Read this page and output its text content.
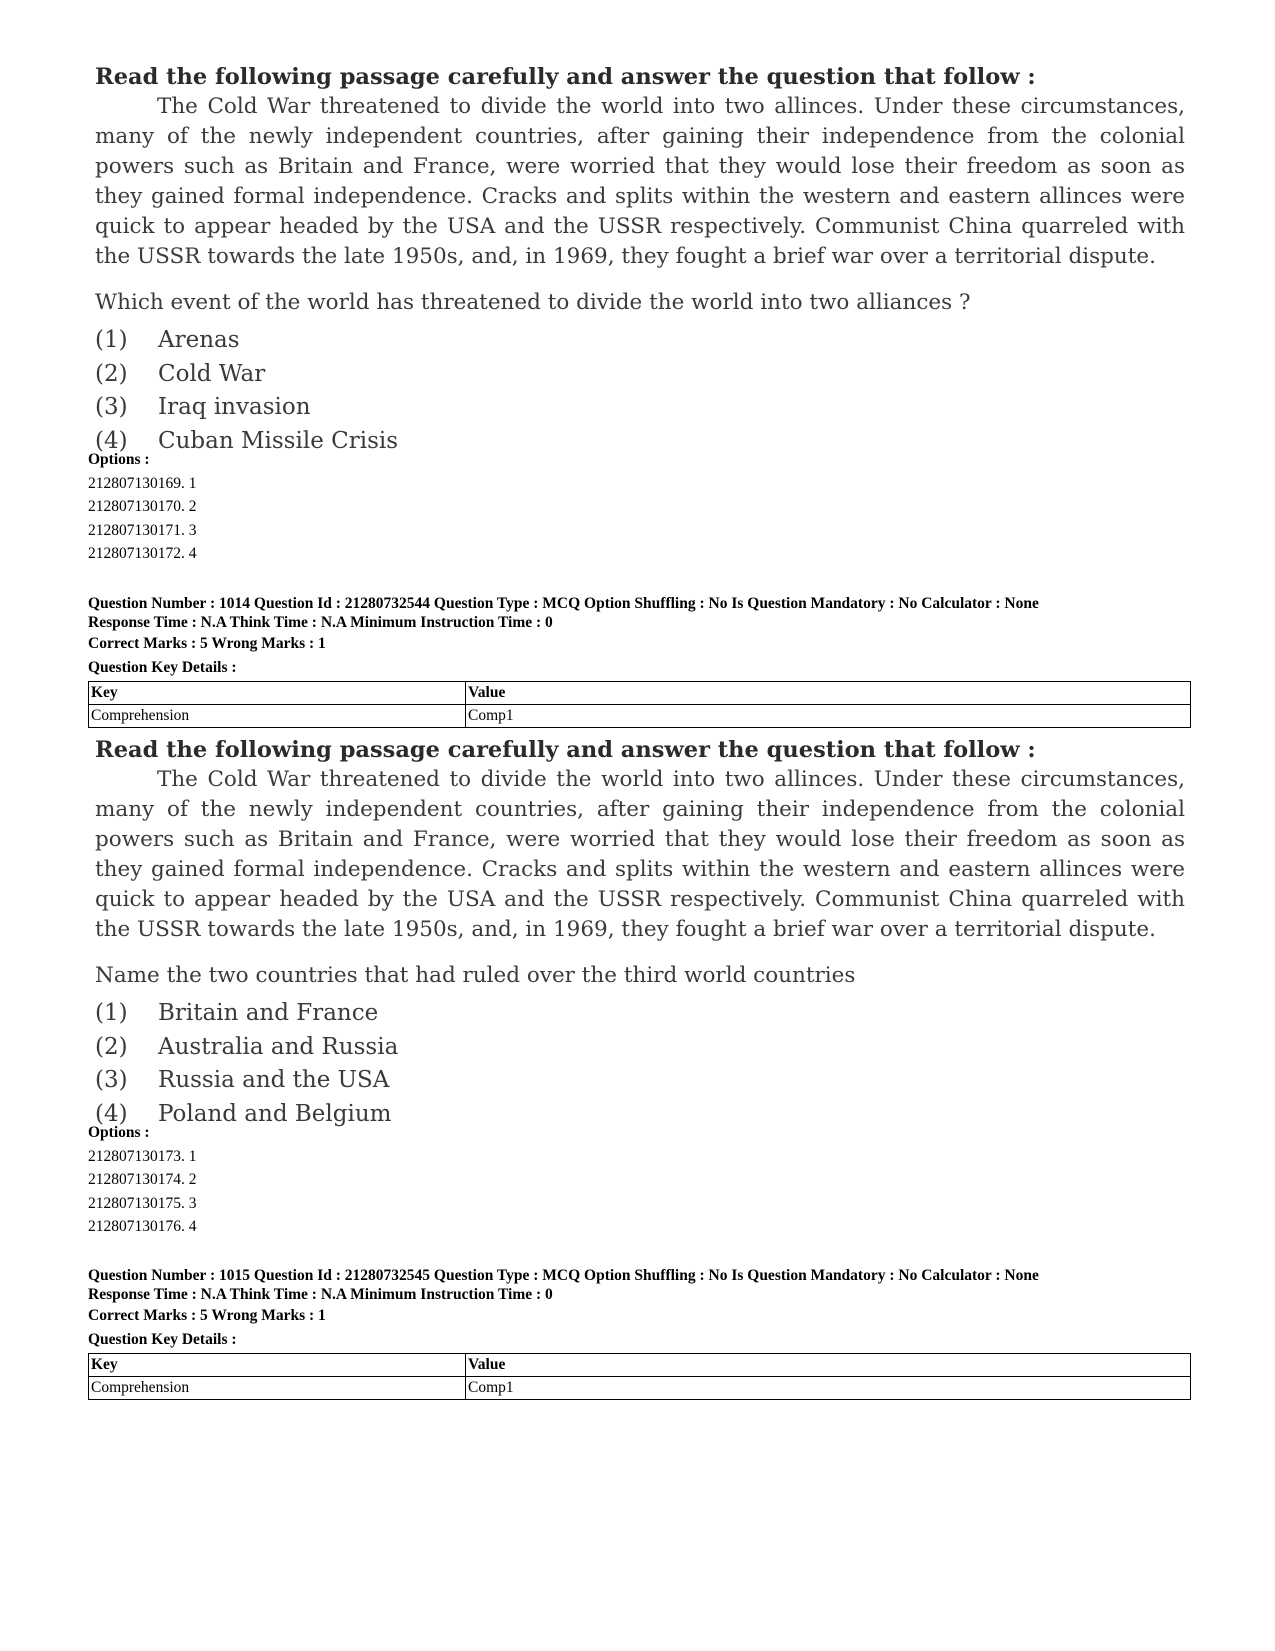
Read the following passage carefully and answer the question that follow :

The Cold War threatened to divide the world into two allinces. Under these circumstances, many of the newly independent countries, after gaining their independence from the colonial powers such as Britain and France, were worried that they would lose their freedom as soon as they gained formal independence. Cracks and splits within the western and eastern allinces were quick to appear headed by the USA and the USSR respectively. Communist China quarreled with the USSR towards the late 1950s, and, in 1969, they fought a brief war over a territorial dispute.

Which event of the world has threatened to divide the world into two alliances ?

(1) Arenas
(2) Cold War
(3) Iraq invasion
(4) Cuban Missile Crisis
Options :
212807130169. 1
212807130170. 2
212807130171. 3
212807130172. 4
Question Number : 1014 Question Id : 21280732544 Question Type : MCQ Option Shuffling : No Is Question Mandatory : No Calculator : None
Response Time : N.A Think Time : N.A Minimum Instruction Time : 0
Correct Marks : 5 Wrong Marks : 1
Question Key Details :
Key	Value
Comprehension	Comp1

Read the following passage carefully and answer the question that follow :

The Cold War threatened to divide the world into two allinces. Under these circumstances, many of the newly independent countries, after gaining their independence from the colonial powers such as Britain and France, were worried that they would lose their freedom as soon as they gained formal independence. Cracks and splits within the western and eastern allinces were quick to appear headed by the USA and the USSR respectively. Communist China quarreled with the USSR towards the late 1950s, and, in 1969, they fought a brief war over a territorial dispute.

Name the two countries that had ruled over the third world countries

(1) Britain and France
(2) Australia and Russia
(3) Russia and the USA
(4) Poland and Belgium
Options :
212807130173. 1
212807130174. 2
212807130175. 3
212807130176. 4
Question Number : 1015 Question Id : 21280732545 Question Type : MCQ Option Shuffling : No Is Question Mandatory : No Calculator : None
Response Time : N.A Think Time : N.A Minimum Instruction Time : 0
Correct Marks : 5 Wrong Marks : 1
Question Key Details :
Key	Value
Comprehension	Comp1
